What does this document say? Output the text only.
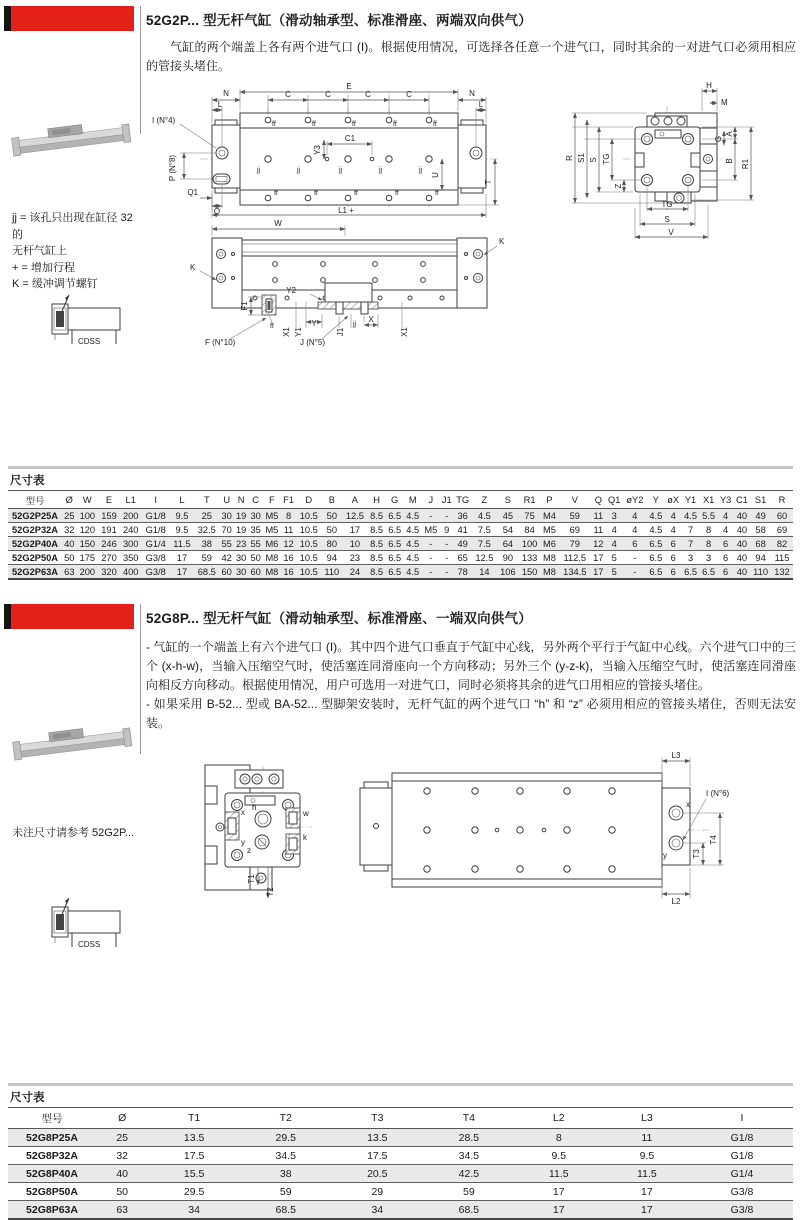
52G2P... 型无杆气缸（滑动轴承型、标准滑座、两端双向供气）

气缸的两个端盖上各有两个进气口 (I)。根据使用情况，可选择各任意一个进气口，同时其余的一对进气口必须用相应的管接头堵住。

jj = 该孔只出现在缸径 32 的
无杆气缸上
+ = 增加行程
K = 缓冲调节螺钉
CDSS
E
C	C	C	C
N	N
L	L
I (N°4)
P (N°8)
Q1
Q
Y3
C1
U
T
L1 +
ff	ff	ff	ff	ff
jj	jj	jj	jj	jj
ff	ff	ff	ff	ff
W
K
K
F1
ff
Y2
X1 Y1
Y
J1
jj
X
X1
F (N°10)	J (N°5)
H
M
A
G
B R1
R S1 S TG
Z
TG
S
V
尺寸表
型号	Ø	W	E	L1	I	L	T	U	N	C	F	F1	D	B	A	H	G	M	J	J1	TG	Z	S	R1	P	V	Q	Q1	øY2	Y	øX	Y1	X1	Y3	C1	S1	R
52G2P25A	25	100	159	200	G1/8	9.5	25	30	19	30	M5	8	10.5	50	12.5	8.5	6.5	4.5	-	-	36	4.5	45	75	M4	59	11	3	4	4.5	4	4.5	5.5	4	40	49	60
52G2P32A	32	120	191	240	G1/8	9.5	32.5	70	19	35	M5	11	10.5	50	17	8.5	6.5	4.5	M5	9	41	7.5	54	84	M5	69	11	4	4	4.5	4	7	8	4	40	58	69
52G2P40A	40	150	246	300	G1/4	11.5	38	55	23	55	M6	12	10.5	80	10	8.5	6.5	4.5	-	-	49	7.5	64	100	M6	79	12	4	6	6.5	6	7	8	6	40	68	82
52G2P50A	50	175	270	350	G3/8	17	59	42	30	50	M8	16	10.5	94	23	8.5	6.5	4.5	-	-	65	12.5	90	133	M8	112.5	17	5	-	6.5	6	3	3	6	40	94	115
52G2P63A	63	200	320	400	G3/8	17	68.5	60	30	60	M8	16	10.5	110	24	8.5	6.5	4.5	-	-	78	14	106	150	M8	134.5	17	5	-	6.5	6	6.5	6.5	6	40	110	132
52G8P... 型无杆气缸（滑动轴承型、标准滑座、一端双向供气）

- 气缸的一个端盖上有六个进气口 (I)。其中四个进气口垂直于气缸中心线，另外两个平行于气缸中心线。六个进气口中的三个 (x-h-w)，当输入压缩空气时，使活塞连同滑座向一个方向移动；另外三个 (y-z-k)，当输入压缩空气时，使活塞连同滑座向相反方向移动。根据使用情况，用户可选用一对进气口，同时必须将其余的进气口用相应的管接头堵住。

- 如果采用 B-52... 型或 BA-52... 型脚架安装时，无杆气缸的两个进气口 “h” 和 “z” 必须用相应的管接头堵住，否则无法安装。

未注尺寸请参考 52G2P...
CDSS
x
h
w
y
z
k
T1
T2
L3
I (N°6)
x
y	T3
T4
L2
尺寸表
型号	Ø	T1	T2	T3	T4	L2	L3	I
52G8P25A	25	13.5	29.5	13.5	28.5	8	11	G1/8
52G8P32A	32	17.5	34.5	17.5	34.5	9.5	9.5	G1/8
52G8P40A	40	15.5	38	20.5	42.5	11.5	11.5	G1/4
52G8P50A	50	29.5	59	29	59	17	17	G3/8
52G8P63A	63	34	68.5	34	68.5	17	17	G3/8
